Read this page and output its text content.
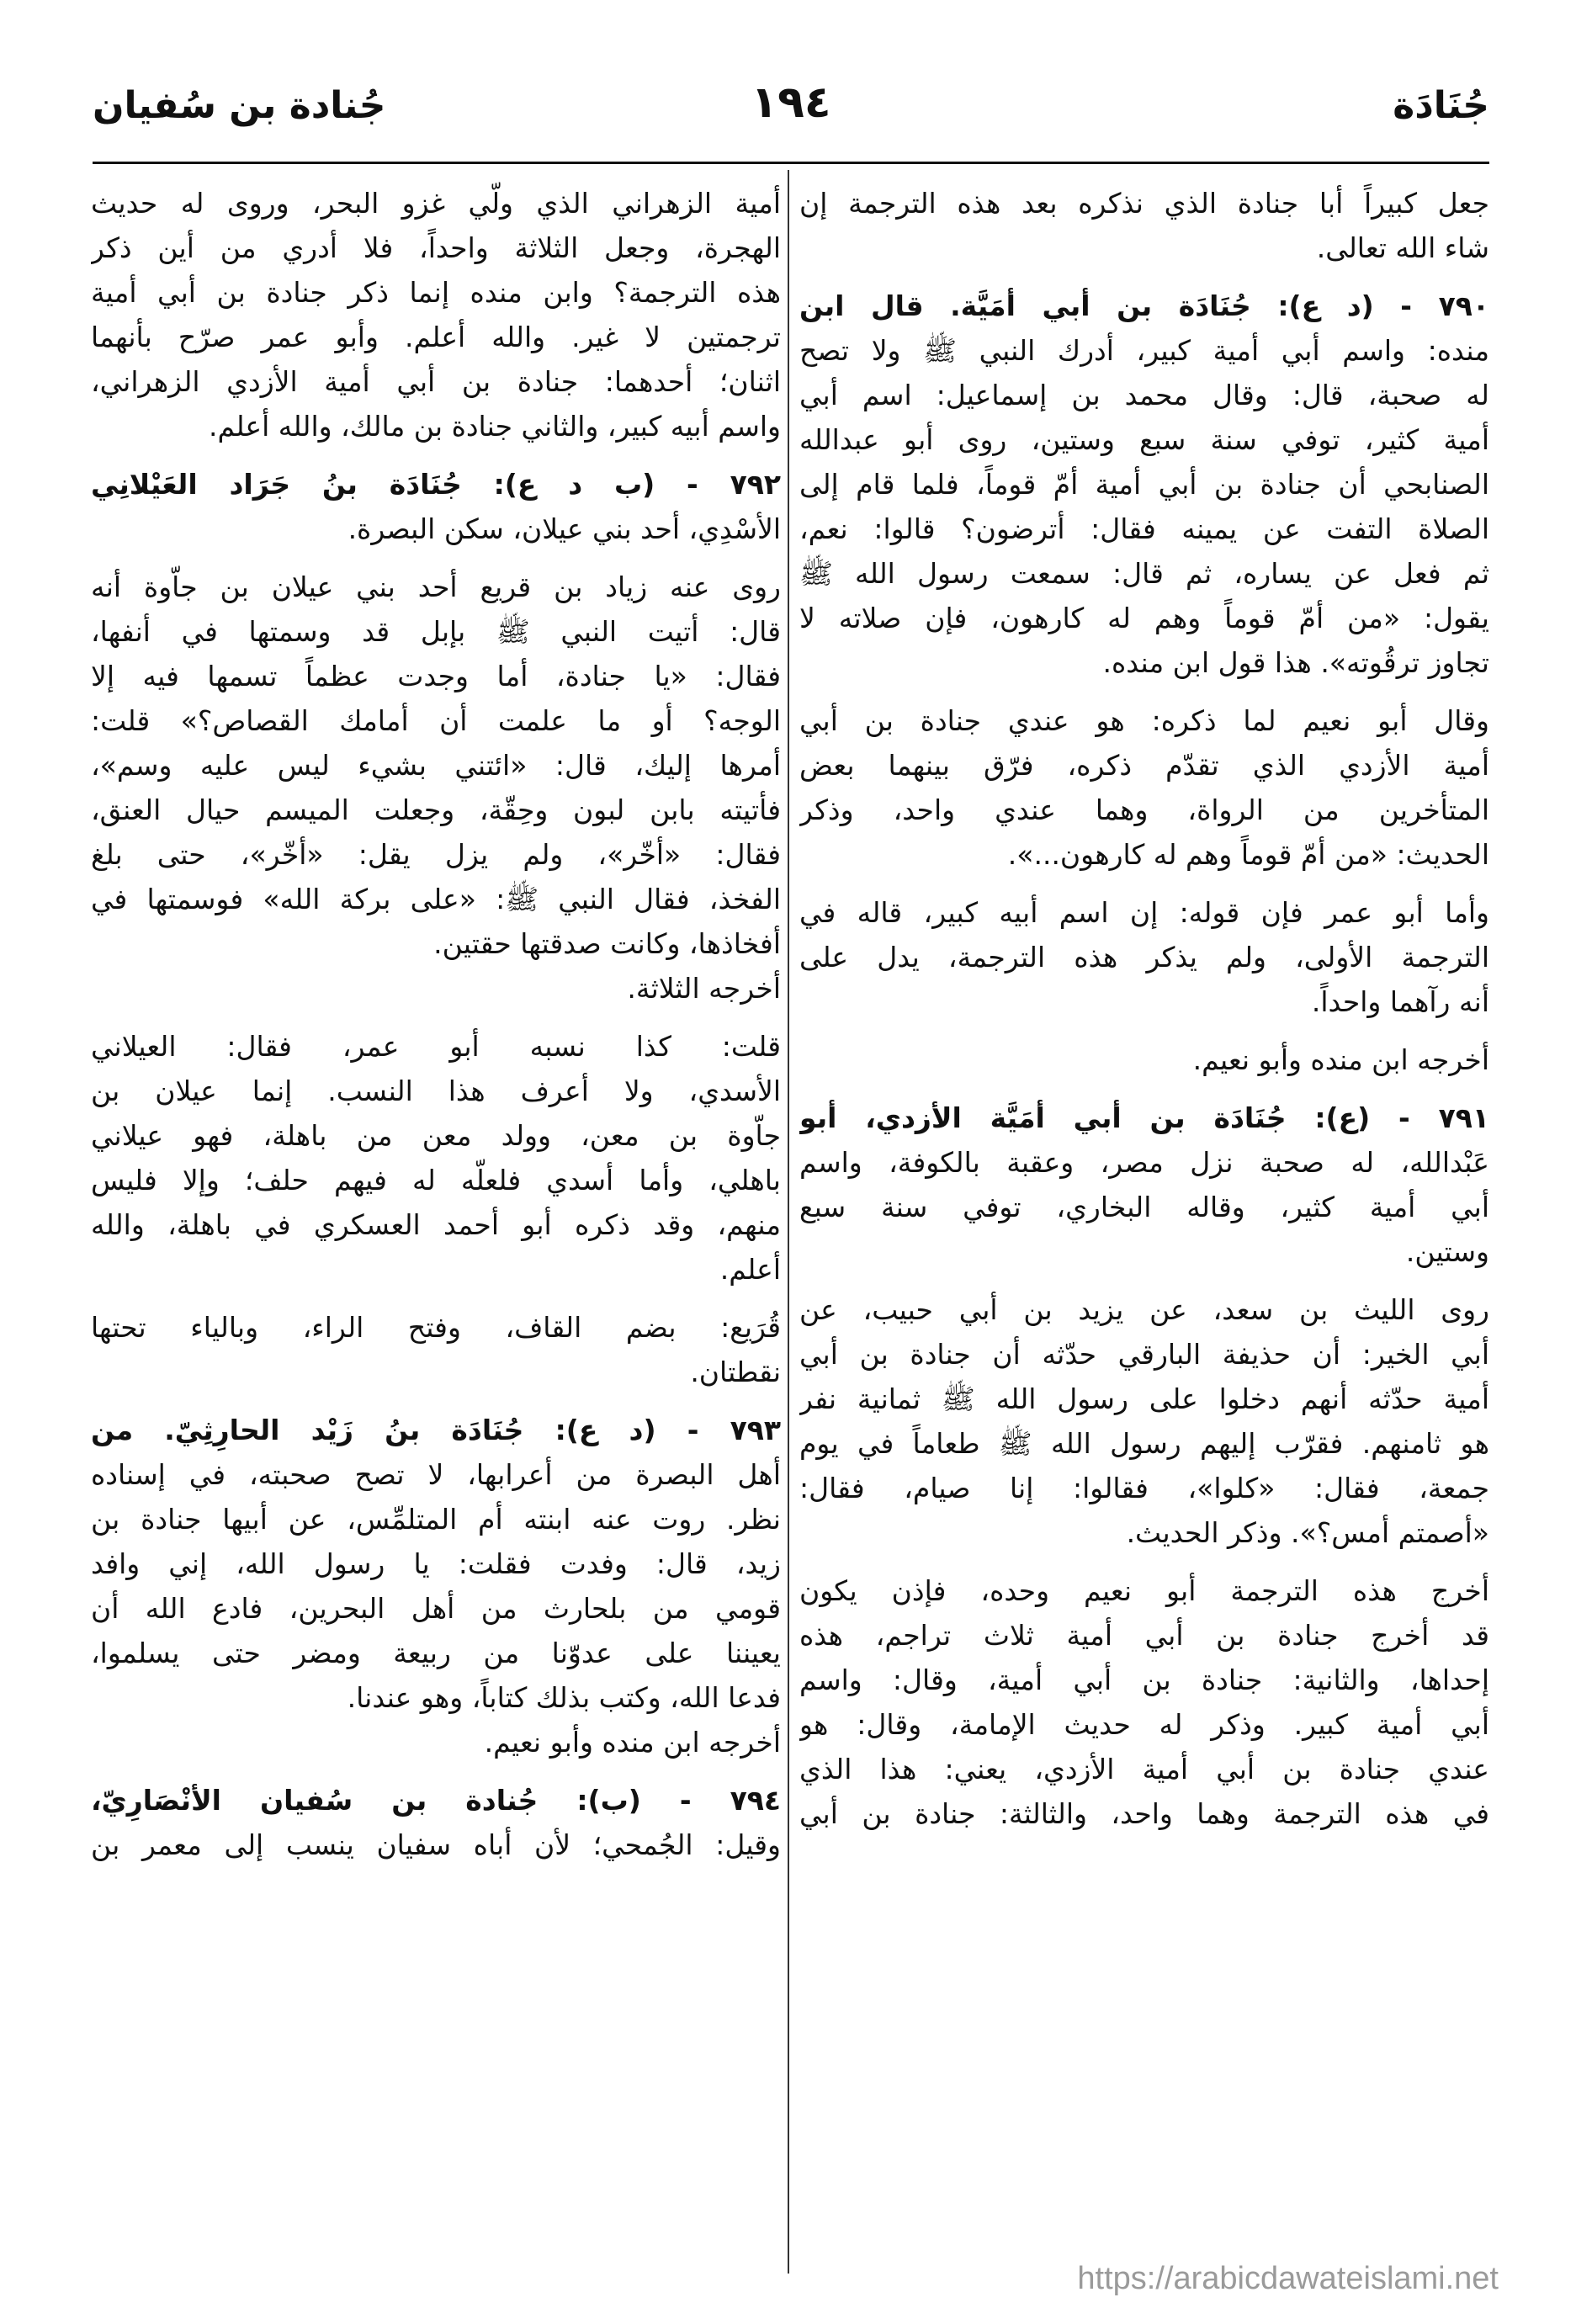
جُنَادَة
١٩٤
جُنادة بن سُفيان
جعل كبيراً أبا جنادة الذي نذكره بعد هذه الترجمة إن
شاء الله تعالى.
٧٩٠ - (د ع): جُنَادَة بن أبي أمَيَّة. قال ابن
منده: واسم أبي أمية كبير، أدرك النبي ﷺ ولا تصح
له صحبة، قال: وقال محمد بن إسماعيل: اسم أبي
أمية كثير، توفي سنة سبع وستين، روى أبو عبدالله
الصنابحي أن جنادة بن أبي أمية أمّ قوماً، فلما قام إلى
الصلاة التفت عن يمينه فقال: أترضون؟ قالوا: نعم،
ثم فعل عن يساره، ثم قال: سمعت رسول الله ﷺ
يقول: «من أمّ قوماً وهم له كارهون، فإن صلاته لا
تجاوز ترقُوته». هذا قول ابن منده.
وقال أبو نعيم لما ذكره: هو عندي جنادة بن أبي
أمية الأزدي الذي تقدّم ذكره، فرّق بينهما بعض
المتأخرين من الرواة، وهما عندي واحد، وذكر
الحديث: «من أمّ قوماً وهم له كارهون...».
وأما أبو عمر فإن قوله: إن اسم أبيه كبير، قاله في
الترجمة الأولى، ولم يذكر هذه الترجمة، يدل على
أنه رآهما واحداً.
أخرجه ابن منده وأبو نعيم.
٧٩١ - (ع): جُنَادَة بن أبي أمَيَّة الأزدي، أبو
عَبْدالله، له صحبة نزل مصر، وعقبة بالكوفة، واسم
أبي أمية كثير، وقاله البخاري، توفي سنة سبع
وستين.
روى الليث بن سعد، عن يزيد بن أبي حبيب، عن
أبي الخير: أن حذيفة البارقي حدّثه أن جنادة بن أبي
أمية حدّثه أنهم دخلوا على رسول الله ﷺ ثمانية نفر
هو ثامنهم. فقرّب إليهم رسول الله ﷺ طعاماً في يوم
جمعة، فقال: «كلوا»، فقالوا: إنا صيام، فقال:
«أصمتم أمس؟». وذكر الحديث.
أخرج هذه الترجمة أبو نعيم وحده، فإذن يكون
قد أخرج جنادة بن أبي أمية ثلاث تراجم، هذه
إحداها، والثانية: جنادة بن أبي أمية، وقال: واسم
أبي أمية كبير. وذكر له حديث الإمامة، وقال: هو
عندي جنادة بن أبي أمية الأزدي، يعني: هذا الذي
في هذه الترجمة وهما واحد، والثالثة: جنادة بن أبي
أمية الزهراني الذي ولّي غزو البحر، وروى له حديث
الهجرة، وجعل الثلاثة واحداً، فلا أدري من أين ذكر
هذه الترجمة؟ وابن منده إنما ذكر جنادة بن أبي أمية
ترجمتين لا غير. والله أعلم. وأبو عمر صرّح بأنهما
اثنان؛ أحدهما: جنادة بن أبي أمية الأزدي الزهراني،
واسم أبيه كبير، والثاني جنادة بن مالك، والله أعلم.
٧٩٢ - (ب د ع): جُنَادَة بنُ جَرَاد العَيْلانِي
الأسْدِي، أحد بني عيلان، سكن البصرة.
روى عنه زياد بن قريع أحد بني عيلان بن جاّوة أنه
قال: أتيت النبي ﷺ بإبل قد وسمتها في أنفها،
فقال: «يا جنادة، أما وجدت عظماً تسمها فيه إلا
الوجه؟ أو ما علمت أن أمامك القصاص؟» قلت:
أمرها إليك، قال: «ائتني بشيء ليس عليه وسم»،
فأتيته بابن لبون وحِقّة، وجعلت الميسم حيال العنق،
فقال: «أخّر»، ولم يزل يقل: «أخّر»، حتى بلغ
الفخذ، فقال النبي ﷺ: «على بركة الله» فوسمتها في
أفخاذها، وكانت صدقتها حقتين.
أخرجه الثلاثة.
قلت: كذا نسبه أبو عمر، فقال: العيلاني
الأسدي، ولا أعرف هذا النسب. إنما عيلان بن
جاّوة بن معن، وولد معن من باهلة، فهو عيلاني
باهلي، وأما أسدي فلعلّه له فيهم حلف؛ وإلا فليس
منهم، وقد ذكره أبو أحمد العسكري في باهلة، والله
أعلم.
قُرَيع: بضم القاف، وفتح الراء، وبالياء تحتها
نقطتان.
٧٩٣ - (د ع): جُنَادَة بنُ زَيْد الحارِثِيّ. من
أهل البصرة من أعرابها، لا تصح صحبته، في إسناده
نظر. روت عنه ابنته أم المتلمِّس، عن أبيها جنادة بن
زيد، قال: وفدت فقلت: يا رسول الله، إني وافد
قومي من بلحارث من أهل البحرين، فادع الله أن
يعيننا على عدوّنا من ربيعة ومضر حتى يسلموا،
فدعا الله، وكتب بذلك كتاباً، وهو عندنا.
أخرجه ابن منده وأبو نعيم.
٧٩٤ - (ب): جُنادة بن سُفيان الأنْصَارِيّ،
وقيل: الجُمحي؛ لأن أباه سفيان ينسب إلى معمر بن
https://arabicdawateislami.net
